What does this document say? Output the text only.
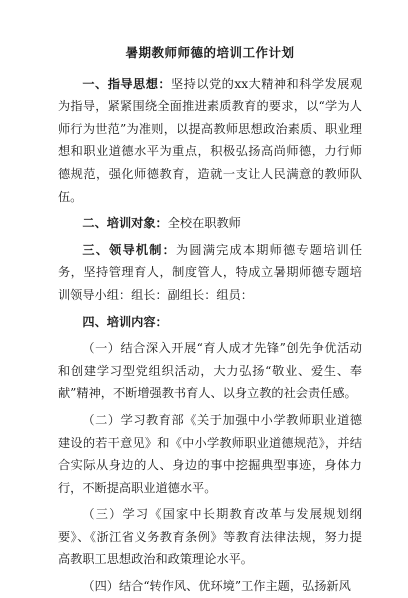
暑期教师师德的培训工作计划

一、指导思想：坚持以党的xx大精神和科学发展观为指导，紧紧围绕全面推进素质教育的要求，以“学为人师行为世范”为准则，以提高教师思想政治素质、职业理想和职业道德水平为重点，积极弘扬高尚师德，力行师德规范，强化师德教育，造就一支让人民满意的教师队伍。

二、培训对象：全校在职教师

三、领导机制：为圆满完成本期师德专题培训任务，坚持管理育人，制度管人，特成立暑期师德专题培训领导小组：组长：副组长：组员：

四、培训内容：

（一）结合深入开展“育人成才先锋”创先争优活动和创建学习型党组织活动，大力弘扬“敬业、爱生、奉献”精神，不断增强教书育人、以身立教的社会责任感。

（二）学习教育部《关于加强中小学教师职业道德建设的若干意见》和《中小学教师职业道德规范》，并结合实际从身边的人、身边的事中挖掘典型事迹，身体力行，不断提高职业道德水平。

（三）学习《国家中长期教育改革与发展规划纲要》、《浙江省义务教育条例》等教育法律法规，努力提高教职工思想政治和政策理论水平。

（四）结合“转作风、优环境”工作主题，弘扬新风
